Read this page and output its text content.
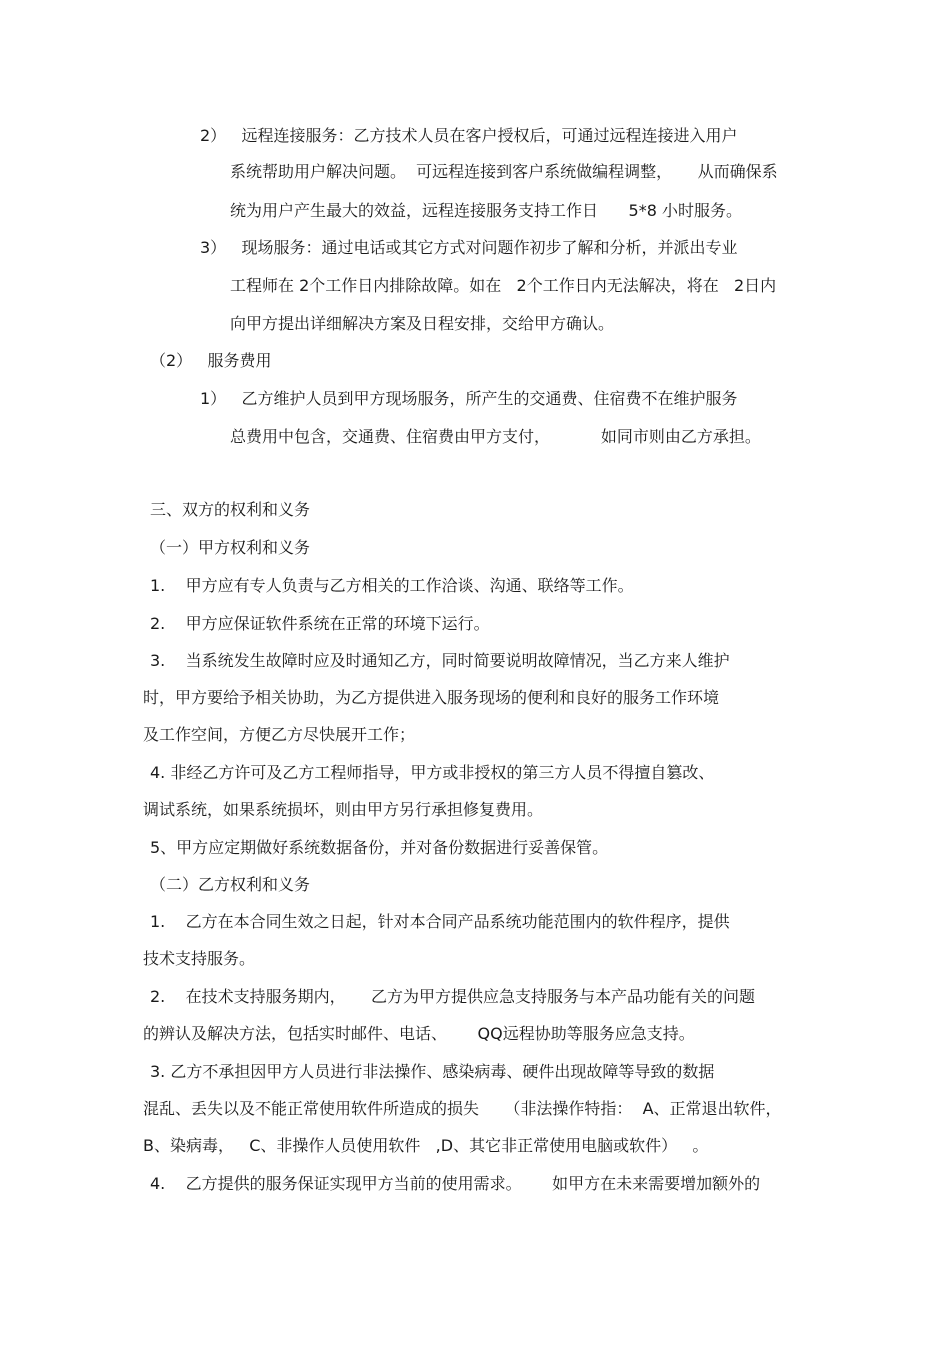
2）   远程连接服务：乙方技术人员在客户授权后，可通过远程连接进入用户
系统帮助用户解决问题。  可远程连接到客户系统做编程调整，     从而确保系
统为用户产生最大的效益，远程连接服务支持工作日      5*8 小时服务。
3）   现场服务：通过电话或其它方式对问题作初步了解和分析，并派出专业
工程师在 2个工作日内排除故障。如在   2个工作日内无法解决，将在   2日内
向甲方提出详细解决方案及日程安排，交给甲方确认。
（2）   服务费用
1）   乙方维护人员到甲方现场服务，所产生的交通费、住宿费不在维护服务
总费用中包含，交通费、住宿费由甲方支付，          如同市则由乙方承担。
三、双方的权利和义务
（一）甲方权利和义务
1.    甲方应有专人负责与乙方相关的工作洽谈、沟通、联络等工作。
2.    甲方应保证软件系统在正常的环境下运行。
3.    当系统发生故障时应及时通知乙方，同时简要说明故障情况，当乙方来人维护
时，甲方要给予相关协助，为乙方提供进入服务现场的便利和良好的服务工作环境
及工作空间，方便乙方尽快展开工作；
4. 非经乙方许可及乙方工程师指导，甲方或非授权的第三方人员不得擅自篡改、
调试系统，如果系统损坏，则由甲方另行承担修复费用。
5、甲方应定期做好系统数据备份，并对备份数据进行妥善保管。
（二）乙方权利和义务
1.    乙方在本合同生效之日起，针对本合同产品系统功能范围内的软件程序，提供
技术支持服务。
2.    在技术支持服务期内，     乙方为甲方提供应急支持服务与本产品功能有关的问题
的辨认及解决方法，包括实时邮件、电话、      QQ远程协助等服务应急支持。
3. 乙方不承担因甲方人员进行非法操作、感染病毒、硬件出现故障等导致的数据
混乱、丢失以及不能正常使用软件所造成的损失     （非法操作特指：  A、正常退出软件，
B、染病毒，   C、非操作人员使用软件   ,D、其它非正常使用电脑或软件）   。
4.    乙方提供的服务保证实现甲方当前的使用需求。      如甲方在未来需要增加额外的
